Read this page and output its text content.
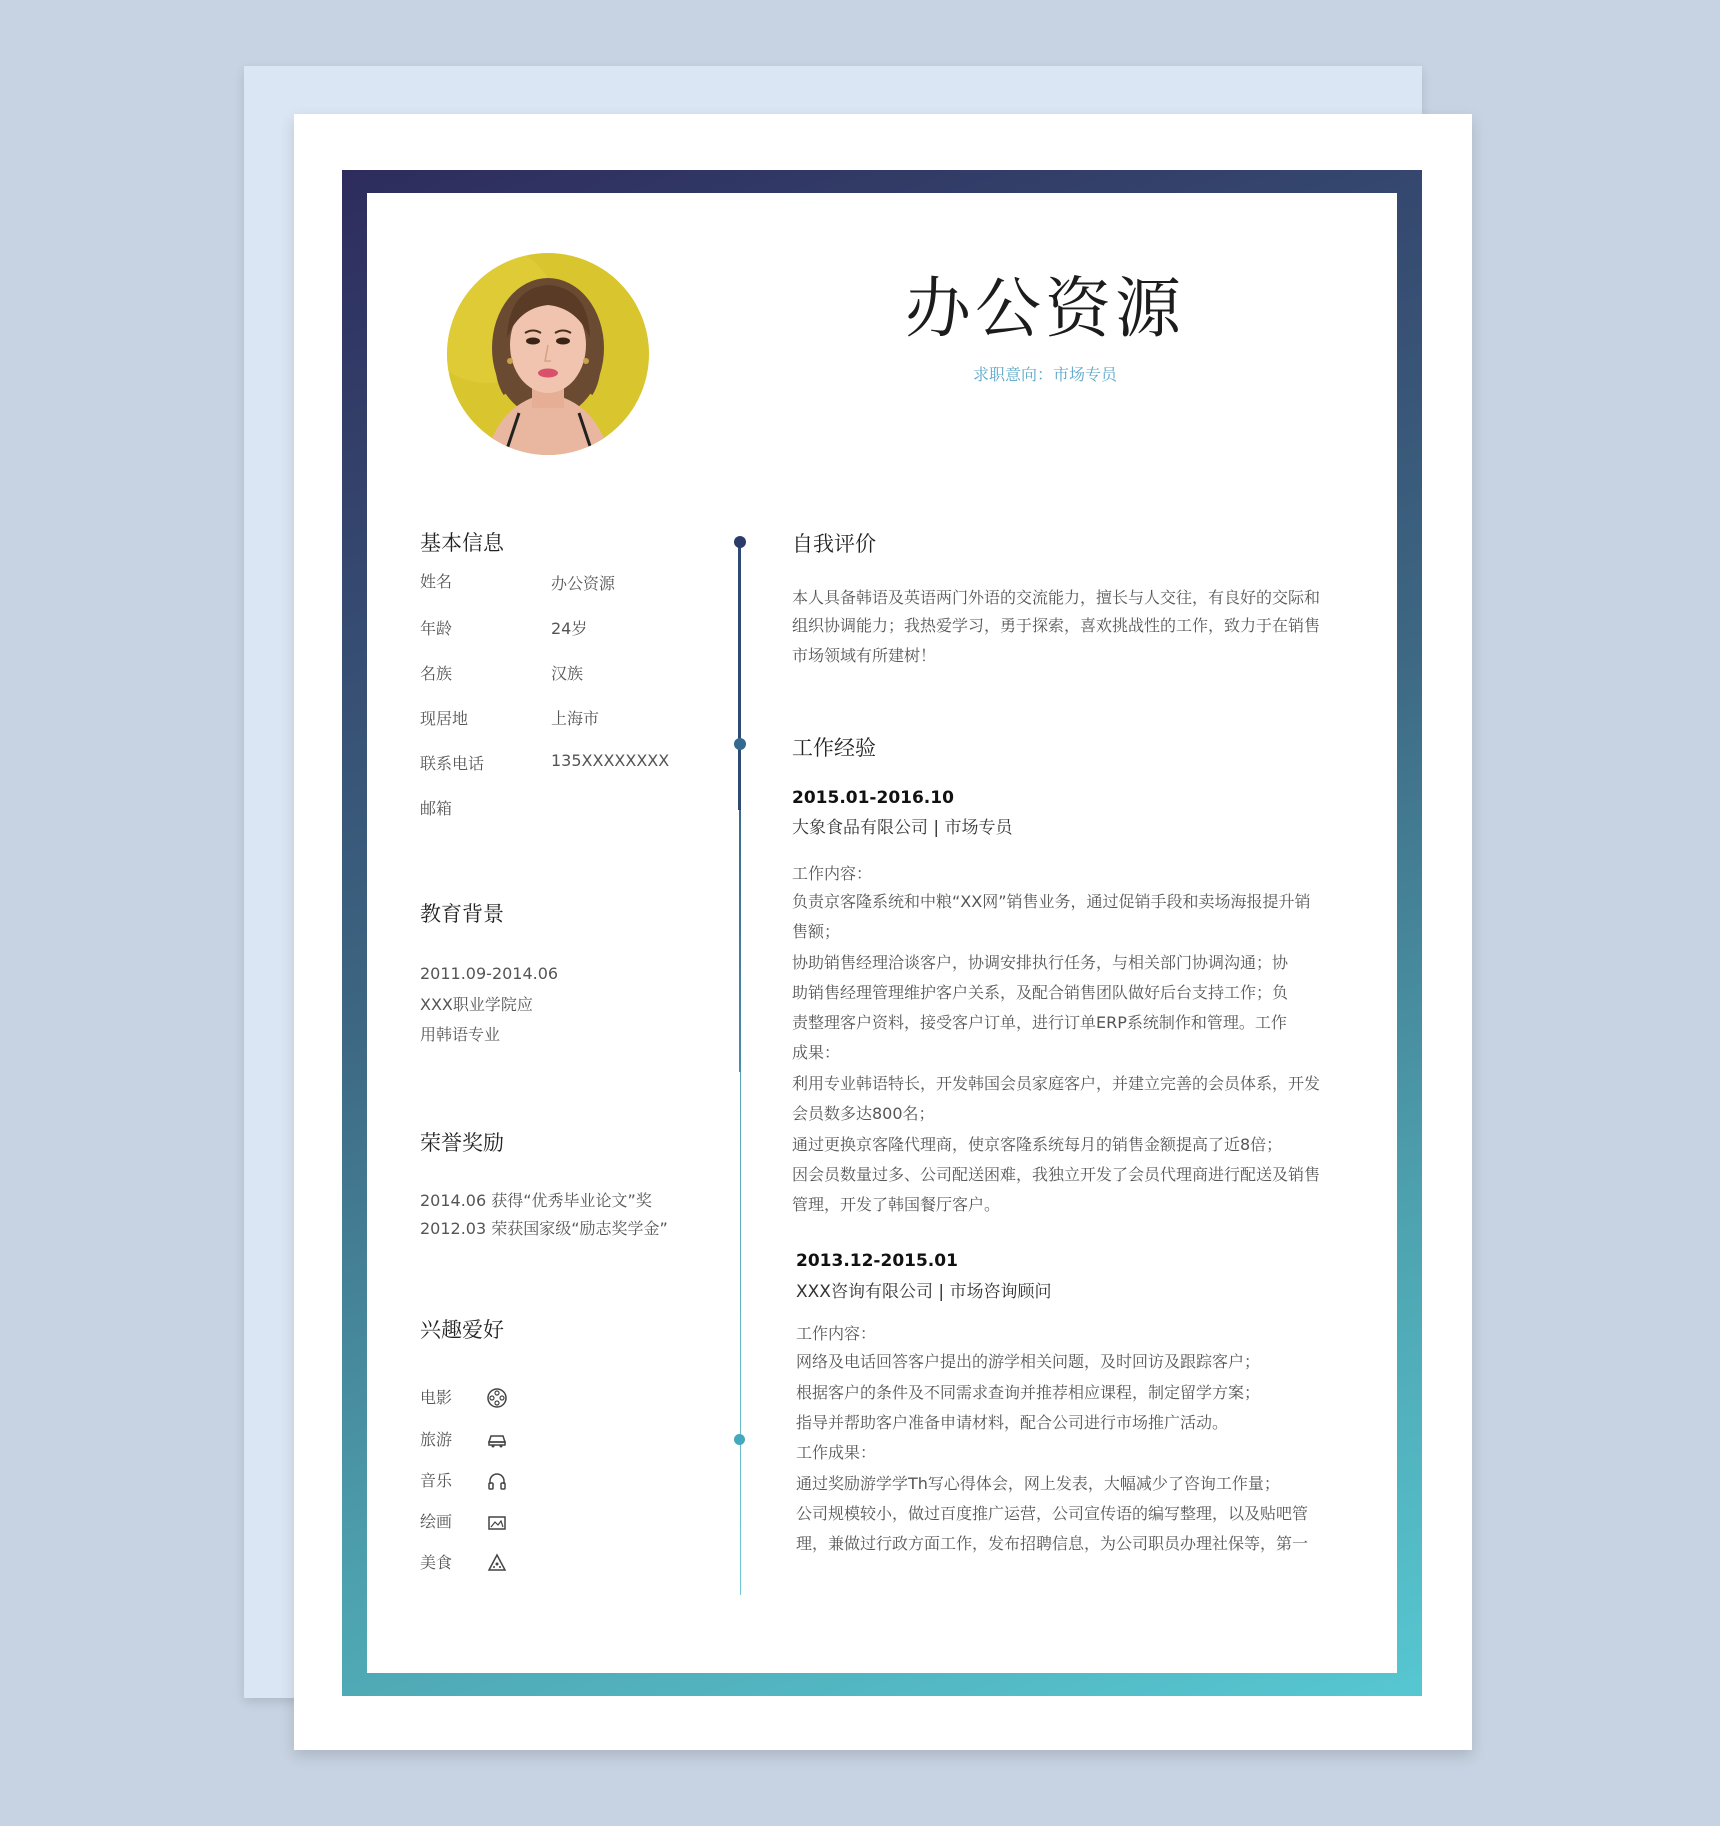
办公资源
求职意向：市场专员
基本信息
姓名	办公资源
年龄	24岁
名族	汉族
现居地	上海市
联系电话	135XXXXXXXX
邮箱
教育背景
2011.09-2014.06
XXX职业学院应
用韩语专业
荣誉奖励
2014.06 获得“优秀毕业论文”奖
2012.03 荣获国家级“励志奖学金”
兴趣爱好
电影
旅游
音乐
绘画
美食
自我评价
本人具备韩语及英语两门外语的交流能力，擅长与人交往，有良好的交际和
组织协调能力；我热爱学习，勇于探索，喜欢挑战性的工作，致力于在销售
市场领域有所建树！
工作经验
2015.01-2016.10
大象食品有限公司 | 市场专员
工作内容：
负责京客隆系统和中粮“XX网”销售业务，通过促销手段和卖场海报提升销
售额；
协助销售经理洽谈客户，协调安排执行任务，与相关部门协调沟通；协
助销售经理管理维护客户关系，及配合销售团队做好后台支持工作；负
责整理客户资料，接受客户订单，进行订单ERP系统制作和管理。工作
成果：
利用专业韩语特长，开发韩国会员家庭客户，并建立完善的会员体系，开发
会员数多达800名；
通过更换京客隆代理商，使京客隆系统每月的销售金额提高了近8倍；
因会员数量过多、公司配送困难，我独立开发了会员代理商进行配送及销售
管理，开发了韩国餐厅客户。
2013.12-2015.01
XXX咨询有限公司 | 市场咨询顾问
工作内容：
网络及电话回答客户提出的游学相关问题，及时回访及跟踪客户；
根据客户的条件及不同需求查询并推荐相应课程，制定留学方案；
指导并帮助客户准备申请材料，配合公司进行市场推广活动。
工作成果：
通过奖励游学学Th写心得体会，网上发表，大幅减少了咨询工作量；
公司规模较小，做过百度推广运营，公司宣传语的编写整理，以及贴吧管
理，兼做过行政方面工作，发布招聘信息，为公司职员办理社保等，第一
